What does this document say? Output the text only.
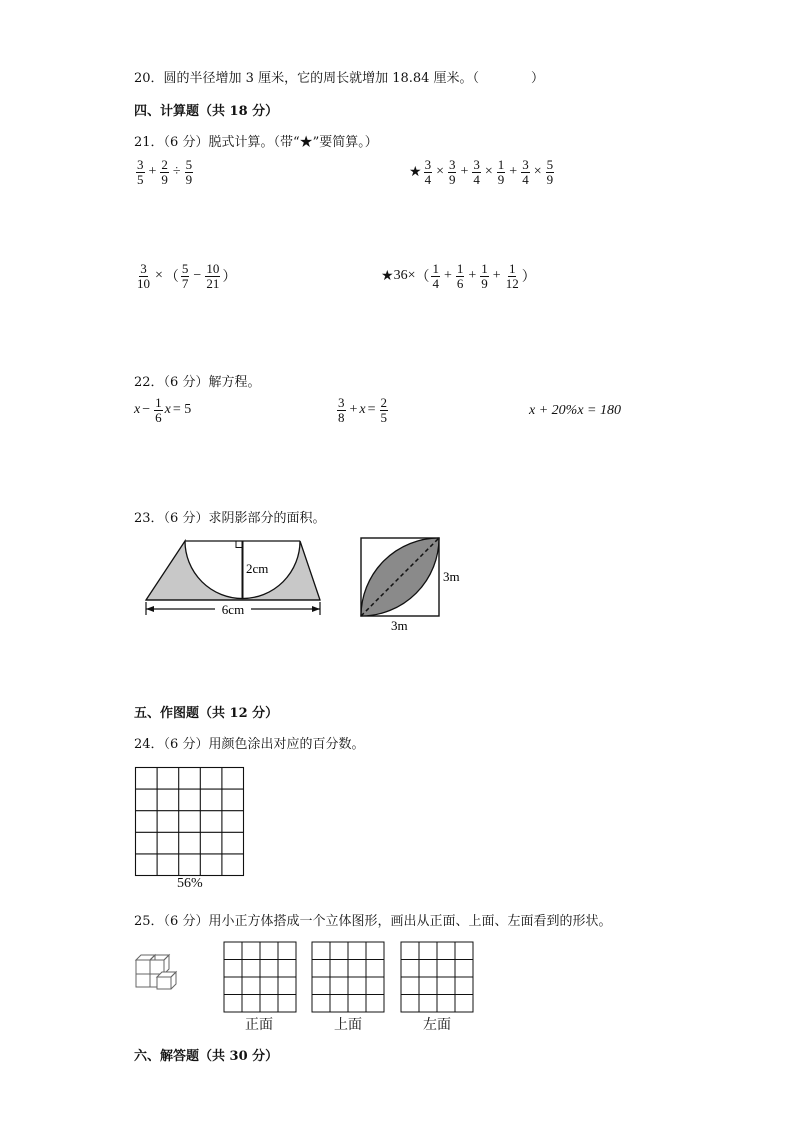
20．圆的半径增加 3 厘米，它的周长就增加 18.84 厘米。（　　　　）
四、计算题（共 18 分）
21．（6 分）脱式计算。（带“★”要简算。）
$\frac{3}{5} + \frac{2}{9} \div \frac{5}{9}$	★ $\frac{3}{4} \times \frac{3}{9} + \frac{3}{4} \times \frac{1}{9} + \frac{3}{4} \times \frac{5}{9}$
$\frac{3}{10}$ × （ $\frac{5}{7} - \frac{10}{21}$ ）	★ 36× （ $\frac{1}{4} + \frac{1}{6} + \frac{1}{9} + \frac{1}{12}$ ）
22．（6 分）解方程。
$x - \frac{1}{6}$ x = 5	$\frac{3}{8} + x = \frac{2}{5}$	x + 20%x = 180
23．（6 分）求阴影部分的面积。
6cm
2cm
3m
3m
五、作图题（共 12 分）
24．（6 分）用颜色涂出对应的百分数。
56%
25．（6 分）用小正方体搭成一个立体图形，画出从正面、上面、左面看到的形状。
正面	上面	左面
六、解答题（共 30 分）
